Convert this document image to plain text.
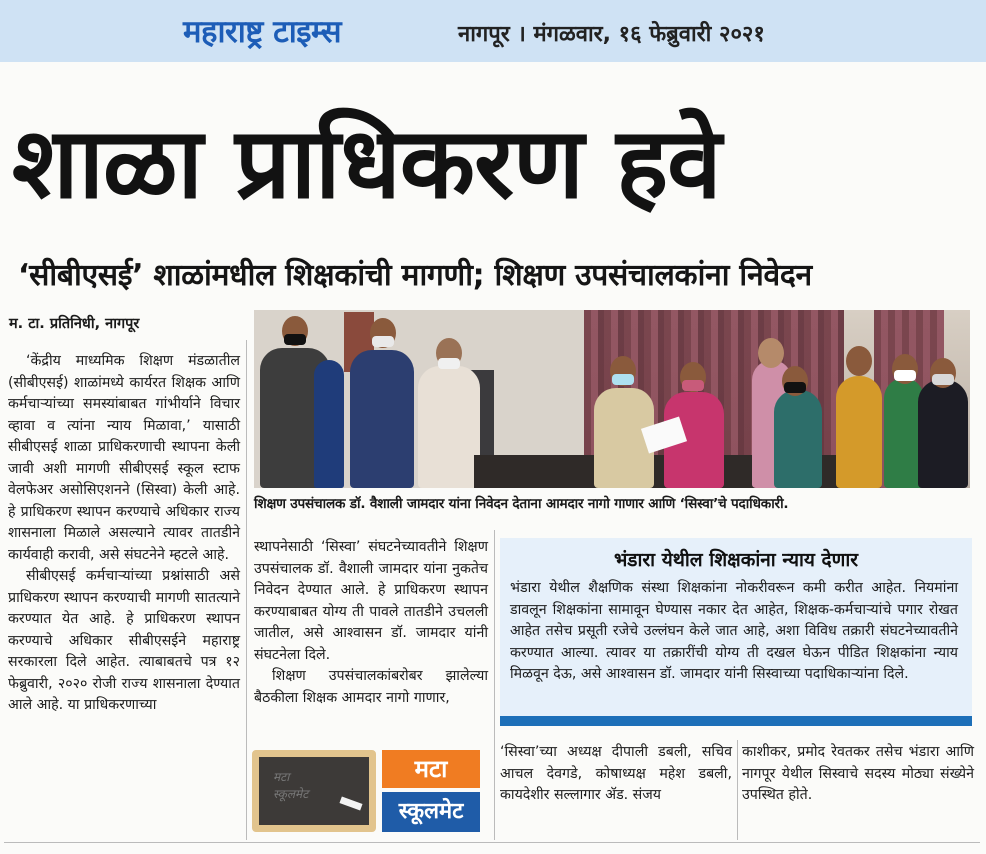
महाराष्ट्र टाइम्स	नागपूर । मंगळवार, १६ फेब्रुवारी २०२१
शाळा प्राधिकरण हवे
‘सीबीएसई’ शाळांमधील शिक्षकांची मागणी; शिक्षण उपसंचालकांना निवेदन
म. टा. प्रतिनिधी, नागपूर

‘केंद्रीय माध्यमिक शिक्षण मंडळातील (सीबीएसई) शाळांमध्ये कार्यरत शिक्षक आणि कर्मचाऱ्यांच्या समस्यांबाबत गांभीर्याने विचार व्हावा व त्यांना न्याय मिळावा,’ यासाठी सीबीएसई शाळा प्राधिकरणाची स्थापना केली जावी अशी मागणी सीबीएसई स्कूल स्टाफ वेलफेअर असोसिएशनने (सिस्वा) केली आहे. हे प्राधिकरण स्थापन करण्याचे अधिकार राज्य शासनाला मिळाले असल्याने त्यावर तातडीने कार्यवाही करावी, असे संघटनेने म्हटले आहे.

सीबीएसई कर्मचाऱ्यांच्या प्रश्नांसाठी असे प्राधिकरण स्थापन करण्याची मागणी सातत्याने करण्यात येत आहे. हे प्राधिकरण स्थापन करण्याचे अधिकार सीबीएसईने महाराष्ट्र सरकारला दिले आहेत. त्याबाबतचे पत्र १२ फेब्रुवारी, २०२० रोजी राज्य शासनाला देण्यात आले आहे. या प्राधिकरणाच्या

शिक्षण उपसंचालक डॉ. वैशाली जामदार यांना निवेदन देताना आमदार नागो गाणार आणि ‘सिस्वा’चे पदाधिकारी.

स्थापनेसाठी ‘सिस्वा’ संघटनेच्यावतीने शिक्षण उपसंचालक डॉ. वैशाली जामदार यांना नुकतेच निवेदन देण्यात आले. हे प्राधिकरण स्थापन करण्याबाबत योग्य ती पावले तातडीने उचलली जातील, असे आश्वासन डॉ. जामदार यांनी संघटनेला दिले.

शिक्षण उपसंचालकांबरोबर झालेल्या बैठकीला शिक्षक आमदार नागो गाणार,

भंडारा येथील शिक्षकांना न्याय देणार
भंडारा येथील शैक्षणिक संस्था शिक्षकांना नोकरीवरून कमी करीत आहेत. नियमांना डावलून शिक्षकांना सामावून घेण्यास नकार देत आहेत, शिक्षक-कर्मचाऱ्यांचे पगार रोखत आहेत तसेच प्रसूती रजेचे उल्लंघन केले जात आहे, अशा विविध तक्रारी संघटनेच्यावतीने करण्यात आल्या. त्यावर या तक्रारींची योग्य ती दखल घेऊन पीडित शिक्षकांना न्याय मिळवून देऊ, असे आश्वासन डॉ. जामदार यांनी सिस्वाच्या पदाधिकाऱ्यांना दिले.
‘सिस्वा’च्या अध्यक्ष दीपाली डबली, सचिव आचल देवगडे, कोषाध्यक्ष महेश डबली, कायदेशीर सल्लागार ॲड. संजय
काशीकर, प्रमोद रेवतकर तसेच भंडारा आणि नागपूर येथील सिस्वाचे सदस्य मोठ्या संख्येने उपस्थित होते.
मटा
स्कूलमेट
मटा
स्कूलमेट
